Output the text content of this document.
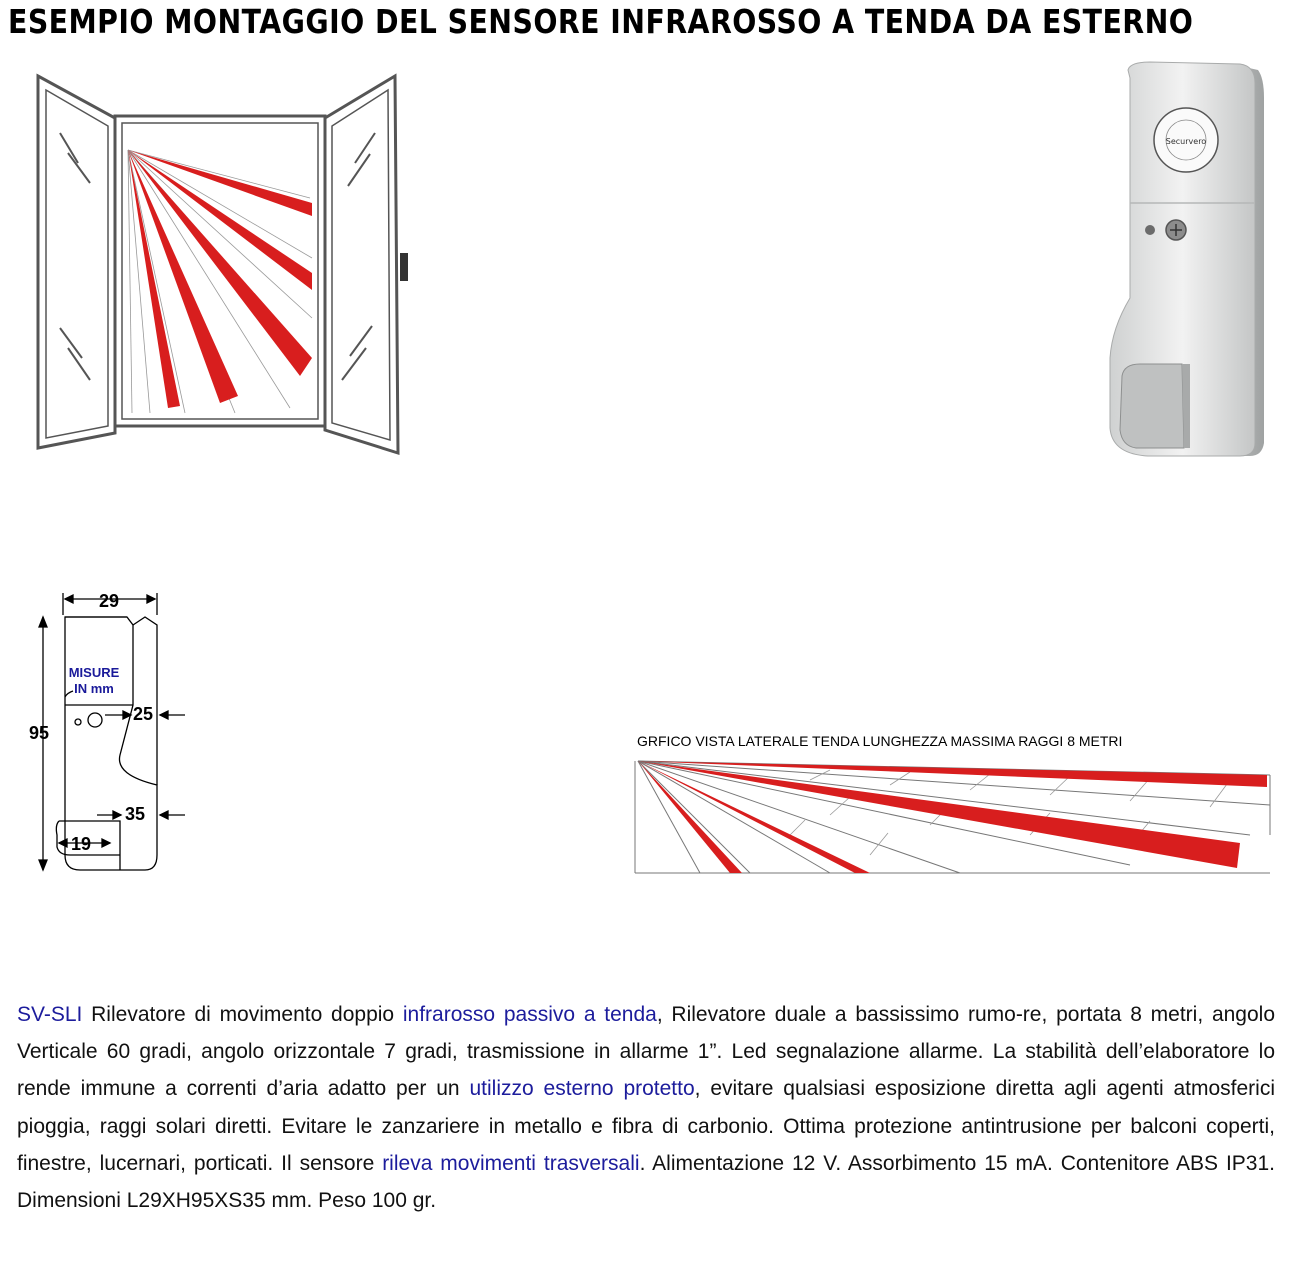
ESEMPIO MONTAGGIO DEL SENSORE INFRAROSSO A TENDA DA ESTERNO
Securvero
29
95
25
35
19
MISURE
IN mm
GRFICO VISTA LATERALE TENDA LUNGHEZZA MASSIMA RAGGI 8 METRI
SV-SLI Rilevatore di movimento doppio infrarosso passivo a tenda, Rilevatore duale a bassissimo rumo-re, portata 8 metri, angolo Verticale 60 gradi, angolo orizzontale 7 gradi, trasmissione in allarme 1”. Led segnalazione allarme. La stabilità dell’elaboratore lo rende immune a correnti d’aria adatto per un utilizzo esterno protetto, evitare qualsiasi esposizione diretta agli agenti atmosferici pioggia, raggi solari diretti. Evitare le zanzariere in metallo e fibra di carbonio. Ottima protezione antintrusione per balconi coperti, finestre, lucernari, porticati. Il sensore rileva movimenti trasversali. Alimentazione 12 V. Assorbimento 15 mA. Contenitore ABS IP31. Dimensioni L29XH95XS35 mm. Peso 100 gr.
